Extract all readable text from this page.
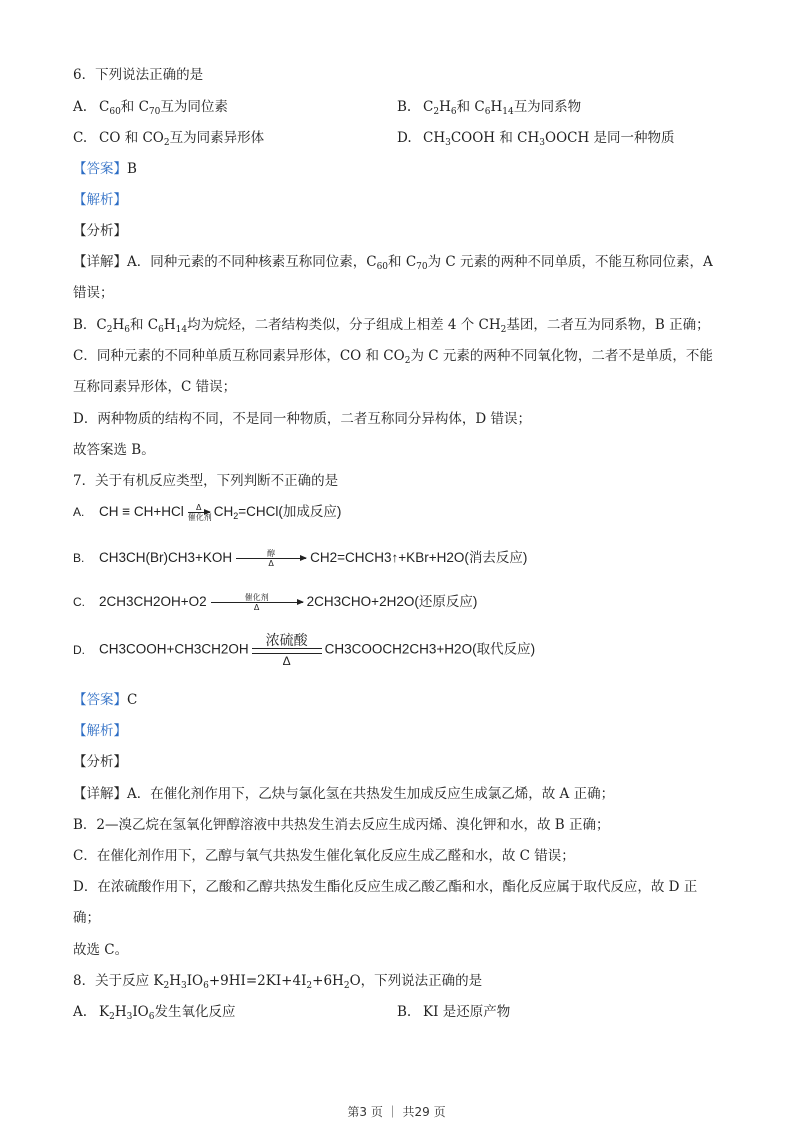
6．下列说法正确的是
A. $C_{60}$和 $C_{70}$互为同位素	B. $C_2H_6$和 $C_6H_{14}$互为同系物
C. CO 和 $CO_2$互为同素异形体	D. $CH_3COOH$ 和 $CH_3OOCH$ 是同一种物质
【答案】B
【解析】
【分析】
【详解】A．同种元素的不同种核素互称同位素，$C_{60}$和 $C_{70}$为 C 元素的两种不同单质，不能互称同位素，A
错误；
B．$C_2H_6$和 $C_6H_{14}$均为烷烃，二者结构类似，分子组成上相差 4 个 $CH_2$基团，二者互为同系物，B 正确；
C．同种元素的不同种单质互称同素异形体，CO 和 $CO_2$为 C 元素的两种不同氧化物，二者不是单质，不能
互称同素异形体，C 错误；
D．两种物质的结构不同，不是同一种物质，二者互称同分异构体，D 错误；
故答案选 B。
7．关于有机反应类型，下列判断不正确的是
A. CH ≡ CH+HCl	Δ
催化剂 $CH_2=CHCl$(加成反应)
B. CH3CH(Br)CH3+KOH	醇
Δ	CH2=CHCH3↑+KBr+H2O(消去反应)
C. 2CH3CH2OH+O2	催化剂
Δ	2CH3CHO+2H2O(还原反应)
D. CH3COOH+CH3CH2OH
浓硫酸
Δ
CH3COOCH2CH3+H2O(取代反应)
【答案】C
【解析】
【分析】
【详解】A．在催化剂作用下，乙炔与氯化氢在共热发生加成反应生成氯乙烯，故 A 正确；
B．2—溴乙烷在氢氧化钾醇溶液中共热发生消去反应生成丙烯、溴化钾和水，故 B 正确；
C．在催化剂作用下，乙醇与氧气共热发生催化氧化反应生成乙醛和水，故 C 错误；
D．在浓硫酸作用下，乙酸和乙醇共热发生酯化反应生成乙酸乙酯和水，酯化反应属于取代反应，故 D 正
确；
故选 C。
8．关于反应 $K_2H_3IO_6+9HI=2KI+4I_2+6H_2O$，下列说法正确的是
A. $K_2H_3IO_6$发生氧化反应	B. KI 是还原产物
第3 页 ｜ 共29 页
